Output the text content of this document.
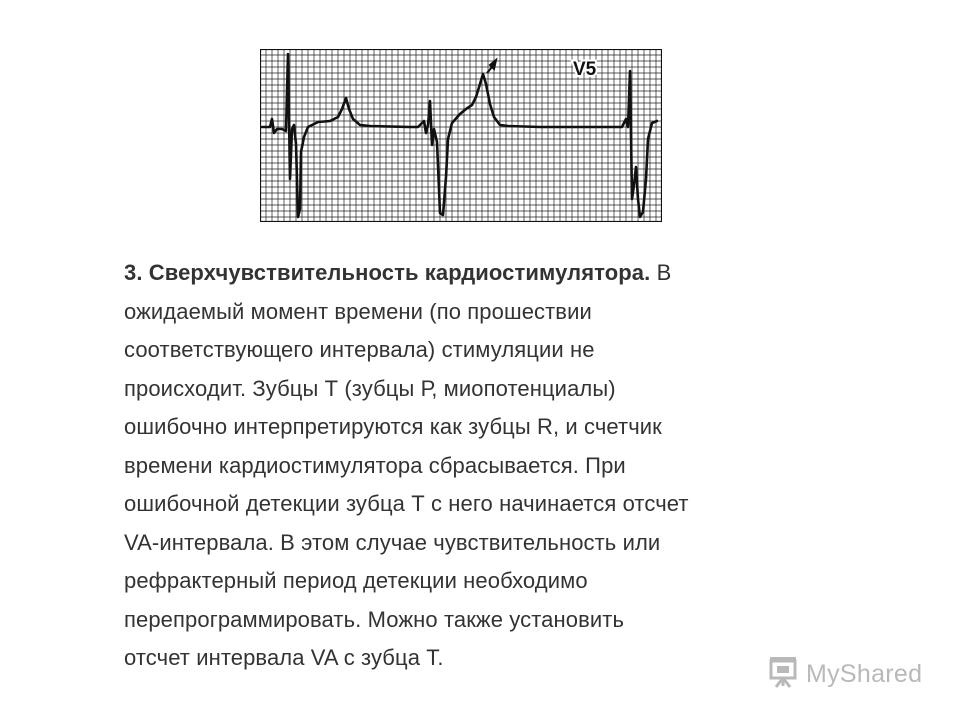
V5
3. Сверхчувствительность кардиостимулятора. В
ожидаемый момент времени (по прошествии
соответствующего интервала) стимуляции не
происходит. Зубцы Т (зубцы Р, миопотенциалы)
ошибочно интерпретируются как зубцы R, и счетчик
времени кардиостимулятора сбрасывается. При
ошибочной детекции зубца Т с него начинается отсчет
VA-интервала. В этом случае чувствительность или
рефрактерный период детекции необходимо
перепрограммировать. Можно также установить
отсчет интервала VA с зубца Т.
MyShared
